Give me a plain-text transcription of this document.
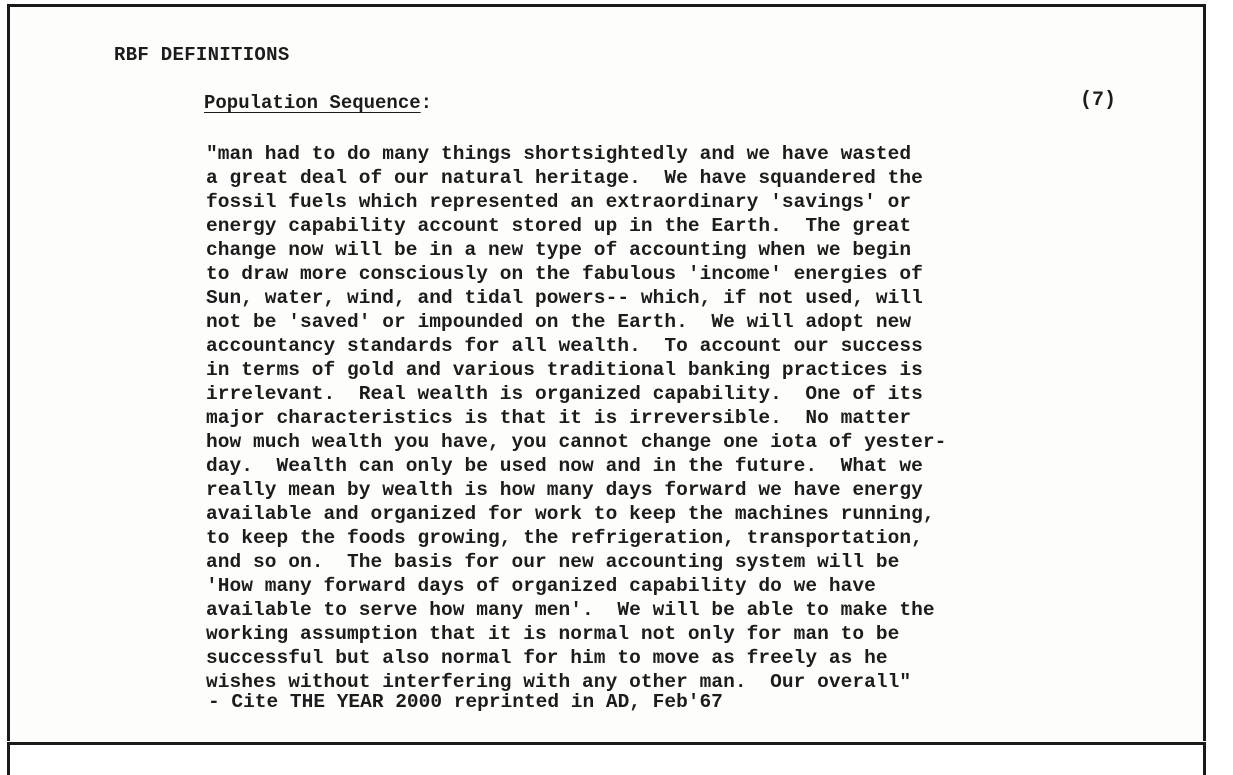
RBF DEFINITIONS
Population Sequence:	(7)
"man had to do many things shortsightedly and we have wasted
a great deal of our natural heritage.  We have squandered the
fossil fuels which represented an extraordinary 'savings' or
energy capability account stored up in the Earth.  The great
change now will be in a new type of accounting when we begin
to draw more consciously on the fabulous 'income' energies of
Sun, water, wind, and tidal powers-- which, if not used, will
not be 'saved' or impounded on the Earth.  We will adopt new
accountancy standards for all wealth.  To account our success
in terms of gold and various traditional banking practices is
irrelevant.  Real wealth is organized capability.  One of its
major characteristics is that it is irreversible.  No matter
how much wealth you have, you cannot change one iota of yester-
day.  Wealth can only be used now and in the future.  What we
really mean by wealth is how many days forward we have energy
available and organized for work to keep the machines running,
to keep the foods growing, the refrigeration, transportation,
and so on.  The basis for our new accounting system will be
'How many forward days of organized capability do we have
available to serve how many men'.  We will be able to make the
working assumption that it is normal not only for man to be
successful but also normal for him to move as freely as he
wishes without interfering with any other man.  Our overall"
- Cite THE YEAR 2000 reprinted in AD, Feb'67
